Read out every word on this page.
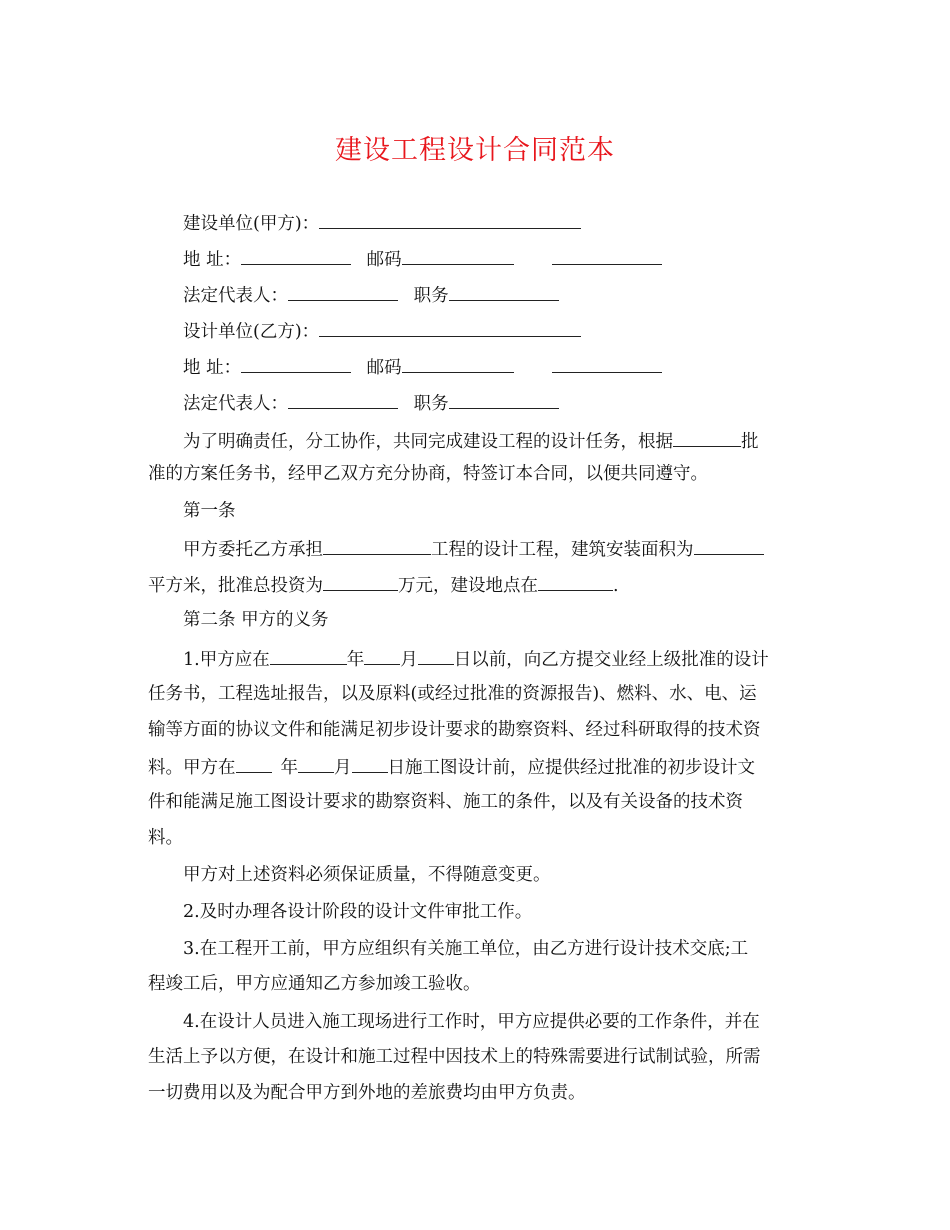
建设工程设计合同范本
建设单位(甲方)：
地 址：	邮码
法定代表人：	职务
设计单位(乙方)：
地 址：	邮码
法定代表人：	职务
为了明确责任，分工协作，共同完成建设工程的设计任务，根据	批
准的方案任务书，经甲乙双方充分协商，特签订本合同，以便共同遵守。
第一条
甲方委托乙方承担	工程的设计工程，建筑安装面积为
平方米，批准总投资为	万元，建设地点在	.
第二条 甲方的义务
1.甲方应在	年 月 日以前，向乙方提交业经上级批准的设计
任务书，工程选址报告，以及原料(或经过批准的资源报告)、燃料、水、电、运
输等方面的协议文件和能满足初步设计要求的勘察资料、经过科研取得的技术资
料。甲方在	年 月 日施工图设计前，应提供经过批准的初步设计文
件和能满足施工图设计要求的勘察资料、施工的条件，以及有关设备的技术资
料。
甲方对上述资料必须保证质量，不得随意变更。
2.及时办理各设计阶段的设计文件审批工作。
3.在工程开工前，甲方应组织有关施工单位，由乙方进行设计技术交底;工
程竣工后，甲方应通知乙方参加竣工验收。
4.在设计人员进入施工现场进行工作时，甲方应提供必要的工作条件，并在
生活上予以方便，在设计和施工过程中因技术上的特殊需要进行试制试验，所需
一切费用以及为配合甲方到外地的差旅费均由甲方负责。
